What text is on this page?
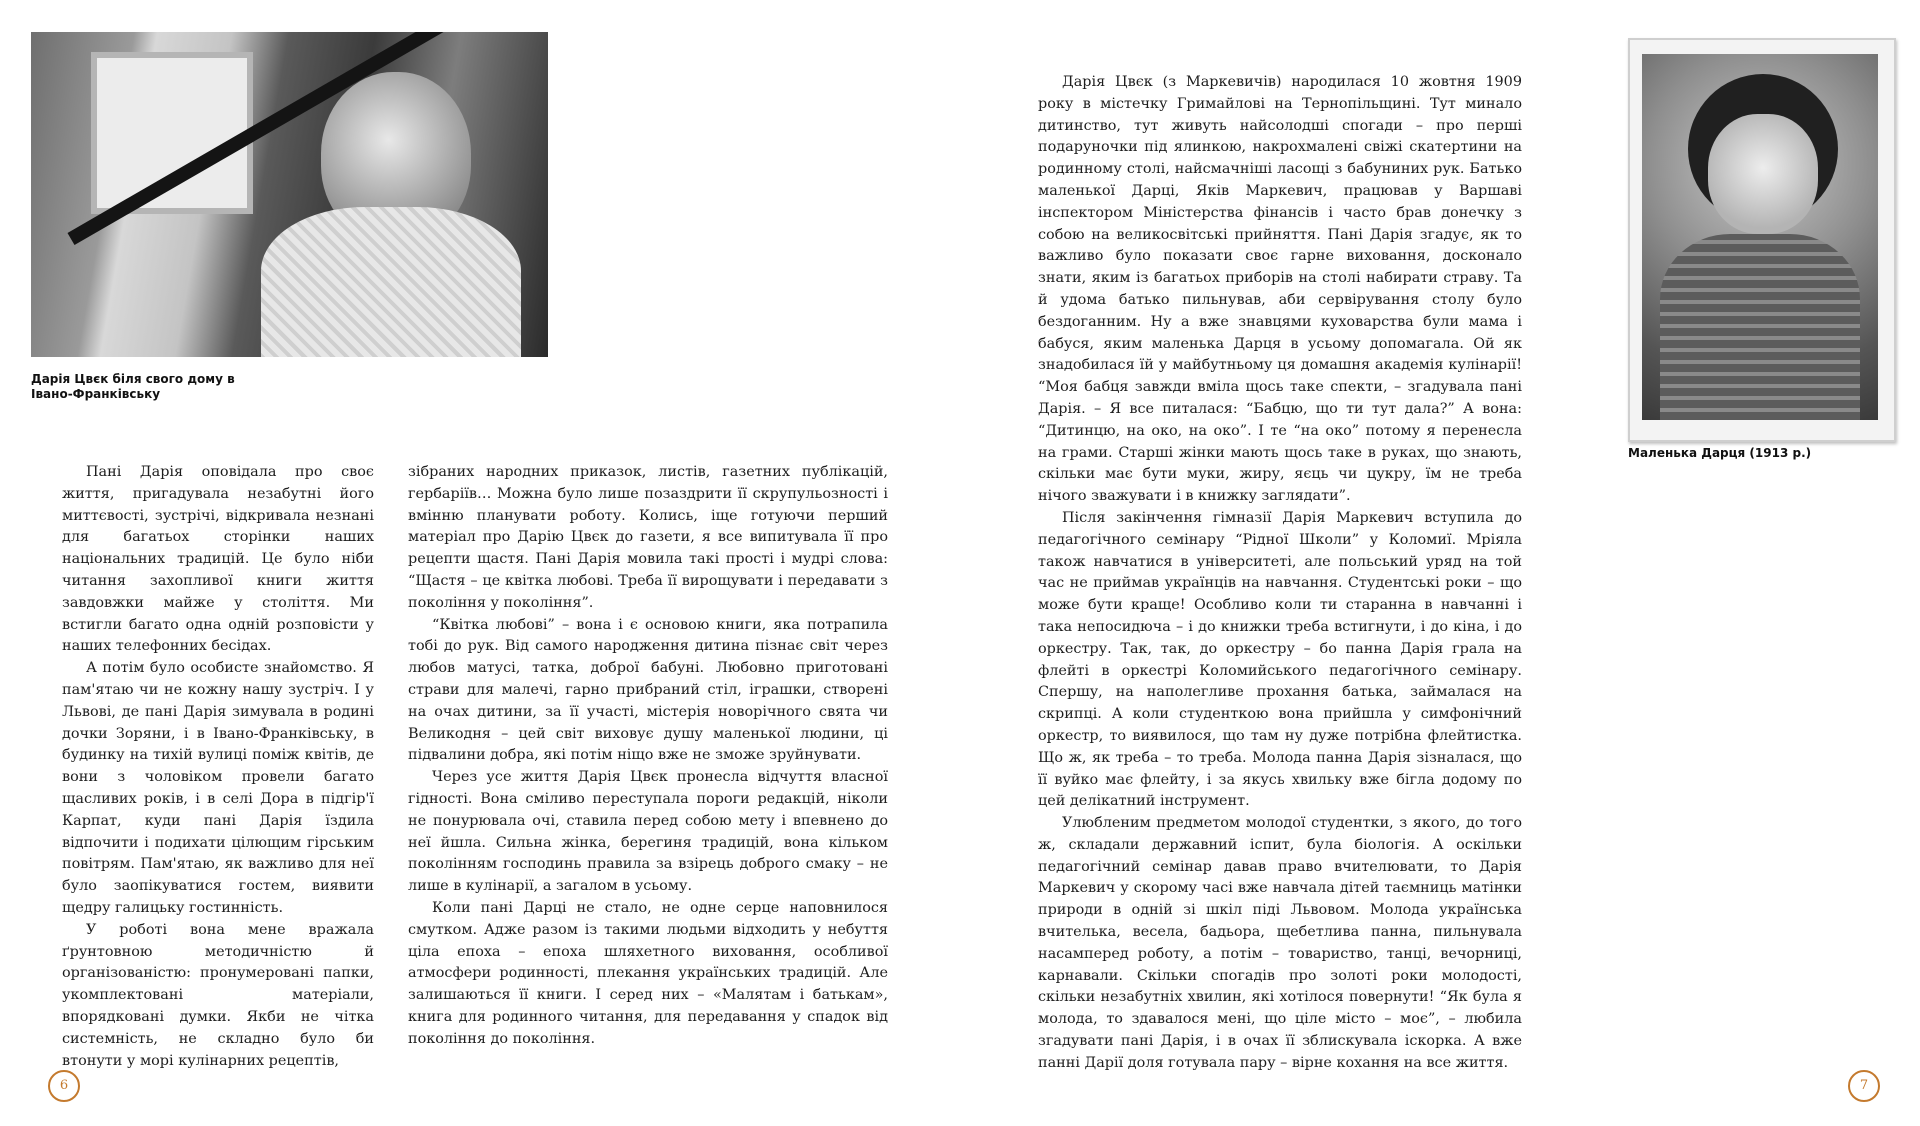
Дарія Цвєк біля свого дому в Івано-Франківську

Пані Дарія оповідала про своє життя, пригадувала незабутні його миттєвості, зустрічі, відкривала незнані для багатьох сторінки наших національних традицій. Це було ніби читання захопливої книги життя завдовжки майже у століття. Ми встигли багато одна одній розповісти у наших телефонних бесідах.

А потім було особисте знайомство. Я пам'ятаю чи не кожну нашу зустріч. І у Львові, де пані Дарія зимувала в родині дочки Зоряни, і в Івано-Франківську, в будинку на тихій вулиці поміж квітів, де вони з чоловіком провели багато щасливих років, і в селі Дора в підгір'ї Карпат, куди пані Дарія їздила відпочити і подихати цілющим гірським повітрям. Пам'ятаю, як важливо для неї було заопікуватися гостем, виявити щедру галицьку гостинність.

У роботі вона мене вражала ґрунтовною методичністю й організованістю: пронумеровані папки, укомплектовані матеріали, впорядковані думки. Якби не чітка системність, не складно було би втонути у морі кулінарних рецептів,

зібраних народних приказок, листів, газетних публікацій, гербаріїв… Можна було лише позаздрити її скрупульозності і вмінню планувати роботу. Колись, іще готуючи перший матеріал про Дарію Цвєк до газети, я все випитувала її про рецепти щастя. Пані Дарія мовила такі прості і мудрі слова: “Щастя – це квітка любові. Треба її вирощувати і передавати з покоління у покоління”.

“Квітка любові” – вона і є основою книги, яка потрапила тобі до рук. Від самого народження дитина пізнає світ через любов матусі, татка, доброї бабуні. Любовно приготовані страви для малечі, гарно прибраний стіл, іграшки, створені на очах дитини, за її участі, містерія новорічного свята чи Великодня – цей світ виховує душу маленької людини, ці підвалини добра, які потім ніщо вже не зможе зруйнувати.

Через усе життя Дарія Цвєк пронесла відчуття власної гідності. Вона сміливо переступала пороги редакцій, ніколи не понурювала очі, ставила перед собою мету і впевнено до неї йшла. Сильна жінка, берегиня традицій, вона кільком поколінням господинь правила за взірець доброго смаку – не лише в кулінарії, а загалом в усьому.

Коли пані Дарці не стало, не одне серце наповнилося смутком. Адже разом із такими людьми відходить у небуття ціла епоха – епоха шляхетного виховання, особливої атмосфери родинності, плекання українських традицій. Але залишаються її книги. І серед них – «Малятам і батькам», книга для родинного читання, для передавання у спадок від покоління до покоління.

6

Дарія Цвєк (з Маркевичів) народилася 10 жовтня 1909 року в містечку Гримайлові на Тернопільщині. Тут минало дитинство, тут живуть найсолодші спогади – про перші подаруночки під ялинкою, накрохмалені свіжі скатертини на родинному столі, найсмачніші ласощі з бабуниних рук. Батько маленької Дарці, Яків Маркевич, працював у Варшаві інспектором Міністерства фінансів і часто брав донечку з собою на великосвітські прийняття. Пані Дарія згадує, як то важливо було показати своє гарне виховання, досконало знати, яким із багатьох приборів на столі набирати страву. Та й удома батько пильнував, аби сервірування столу було бездоганним. Ну а вже знавцями куховарства були мама і бабуся, яким маленька Дарця в усьому допомагала. Ой як знадобилася їй у майбутньому ця домашня академія кулінарії! “Моя бабця завжди вміла щось таке спекти, – згадувала пані Дарія. – Я все питалася: “Бабцю, що ти тут дала?” А вона: “Дитинцю, на око, на око”. І те “на око” потому я перенесла на грами. Старші жінки мають щось таке в руках, що знають, скільки має бути муки, жиру, яєць чи цукру, їм не треба нічого зважувати і в книжку заглядати”.

Після закінчення гімназії Дарія Маркевич вступила до педагогічного семінару “Рідної Школи” у Коломиї. Мріяла також навчатися в університеті, але польський уряд на той час не приймав українців на навчання. Студентські роки – що може бути краще! Особливо коли ти старанна в навчанні і така непосидюча – і до книжки треба встигнути, і до кіна, і до оркестру. Так, так, до оркестру – бо панна Дарія грала на флейті в оркестрі Коломийського педагогічного семінару. Спершу, на наполегливе прохання батька, займалася на скрипці. А коли студенткою вона прийшла у симфонічний оркестр, то виявилося, що там ну дуже потрібна флейтистка. Що ж, як треба – то треба. Молода панна Дарія зізналася, що її вуйко має флейту, і за якусь хвильку вже бігла додому по цей делікатний інструмент.

Улюбленим предметом молодої студентки, з якого, до того ж, складали державний іспит, була біологія. А оскільки педагогічний семінар давав право вчителювати, то Дарія Маркевич у скорому часі вже навчала дітей таємниць матінки природи в одній зі шкіл піді Львовом. Молода українська вчителька, весела, бадьора, щебетлива панна, пильнувала насамперед роботу, а потім – товариство, танці, вечорниці, карнавали. Скільки спогадів про золоті роки молодості, скільки незабутніх хвилин, які хотілося повернути! “Як була я молода, то здавалося мені, що ціле місто – моє”, – любила згадувати пані Дарія, і в очах її зблискувала іскорка. А вже панні Дарії доля готувала пару – вірне кохання на все життя.

Маленька Дарця (1913 р.)
7
